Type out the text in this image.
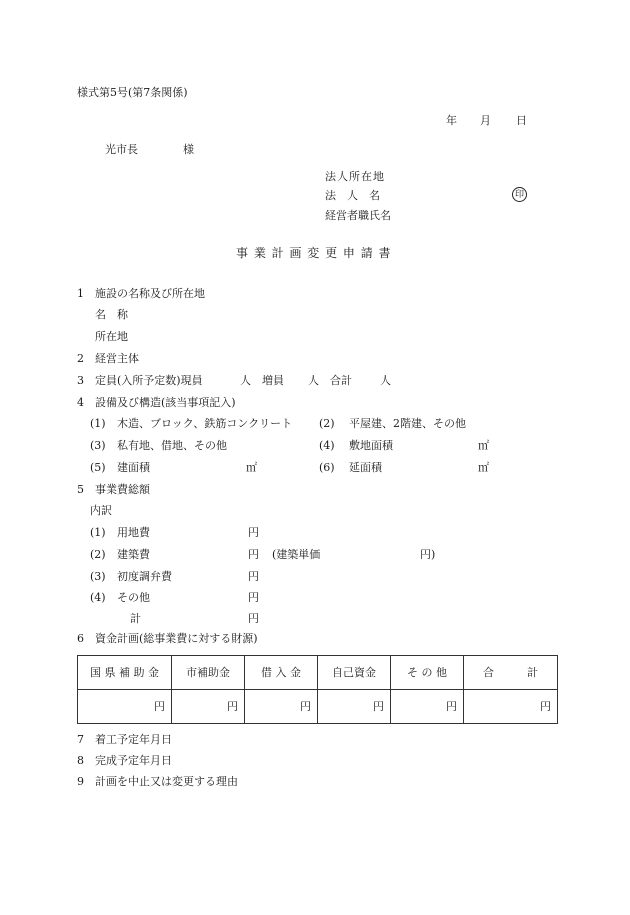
様式第5号(第7条関係)
年 月 日
光市長	様
法人所在地
法　人　名	印
経営者職氏名
事 業 計 画 変 更 申 請 書
1 施設の名称及び所在地
名　称
所在地
2 経営主体
3 定員(入所予定数)現員	人 増員 人 合計	人
4 設備及び構造(該当事項記入)
(1) 木造、ブロック、鉄筋コンクリート (2) 平屋建、2階建、その他
(3) 私有地、借地、その他	(4) 敷地面積	㎡
(5) 建面積	㎡	(6) 延面積	㎡
5 事業費総額
内訳
(1) 用地費	円
(2) 建築費	円 (建築単価	円)
(3) 初度調弁費	円
(4) その他	円
計	円
6 資金計画(総事業費に対する財源)
国 県 補 助 金	市補助金	借 入 金	自己資金	そ の 他	合　　　計
円	円	円	円	円	円
7 着工予定年月日
8 完成予定年月日
9 計画を中止又は変更する理由
